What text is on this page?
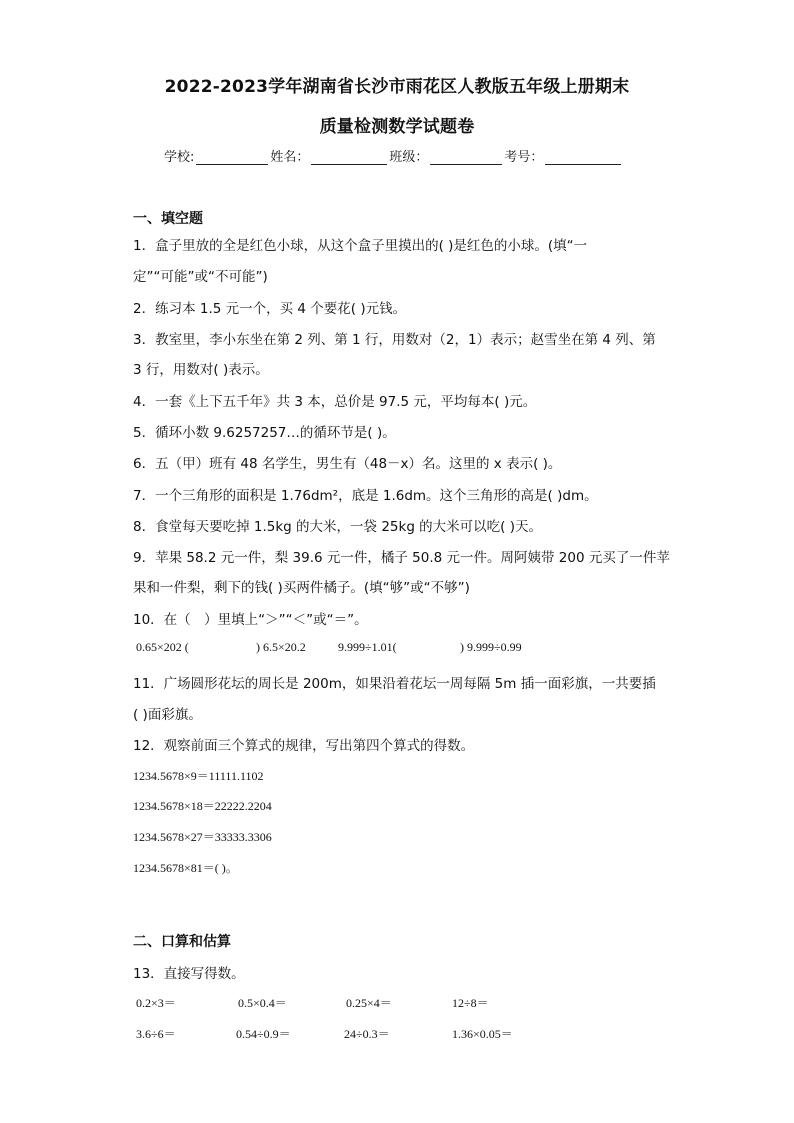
2022-2023学年湖南省长沙市雨花区人教版五年级上册期末
质量检测数学试题卷
学校:	姓名：	班级：	考号：
一、填空题
1．盒子里放的全是红色小球，从这个盒子里摸出的( )是红色的小球。(填“一
定”“可能”或“不可能”)
2．练习本 1.5 元一个，买 4 个要花( )元钱。
3．教室里，李小东坐在第 2 列、第 1 行，用数对（2，1）表示；赵雪坐在第 4 列、第
3 行，用数对( )表示。
4．一套《上下五千年》共 3 本，总价是 97.5 元，平均每本( )元。
5．循环小数 9.6257257…的循环节是( )。
6．五（甲）班有 48 名学生，男生有（48－x）名。这里的 x 表示( )。
7．一个三角形的面积是 1.76dm²，底是 1.6dm。这个三角形的高是( )dm。
8．食堂每天要吃掉 1.5kg 的大米，一袋 25kg 的大米可以吃( )天。
9．苹果 58.2 元一件，梨 39.6 元一件，橘子 50.8 元一件。周阿姨带 200 元买了一件苹
果和一件梨，剩下的钱( )买两件橘子。(填“够”或“不够”)
10．在（　）里填上“＞”“＜”或“＝”。
0.65×202 (	) 6.5×20.2	9.999÷1.01(	) 9.999÷0.99
11．广场圆形花坛的周长是 200m，如果沿着花坛一周每隔 5m 插一面彩旗，一共要插
( )面彩旗。
12．观察前面三个算式的规律，写出第四个算式的得数。
1234.5678×9＝11111.1102
1234.5678×18＝22222.2204
1234.5678×27＝33333.3306
1234.5678×81＝( )。
二、口算和估算
13．直接写得数。
0.2×3＝	0.5×0.4＝	0.25×4＝	12÷8＝
3.6÷6＝	0.54÷0.9＝	24÷0.3＝	1.36×0.05＝
